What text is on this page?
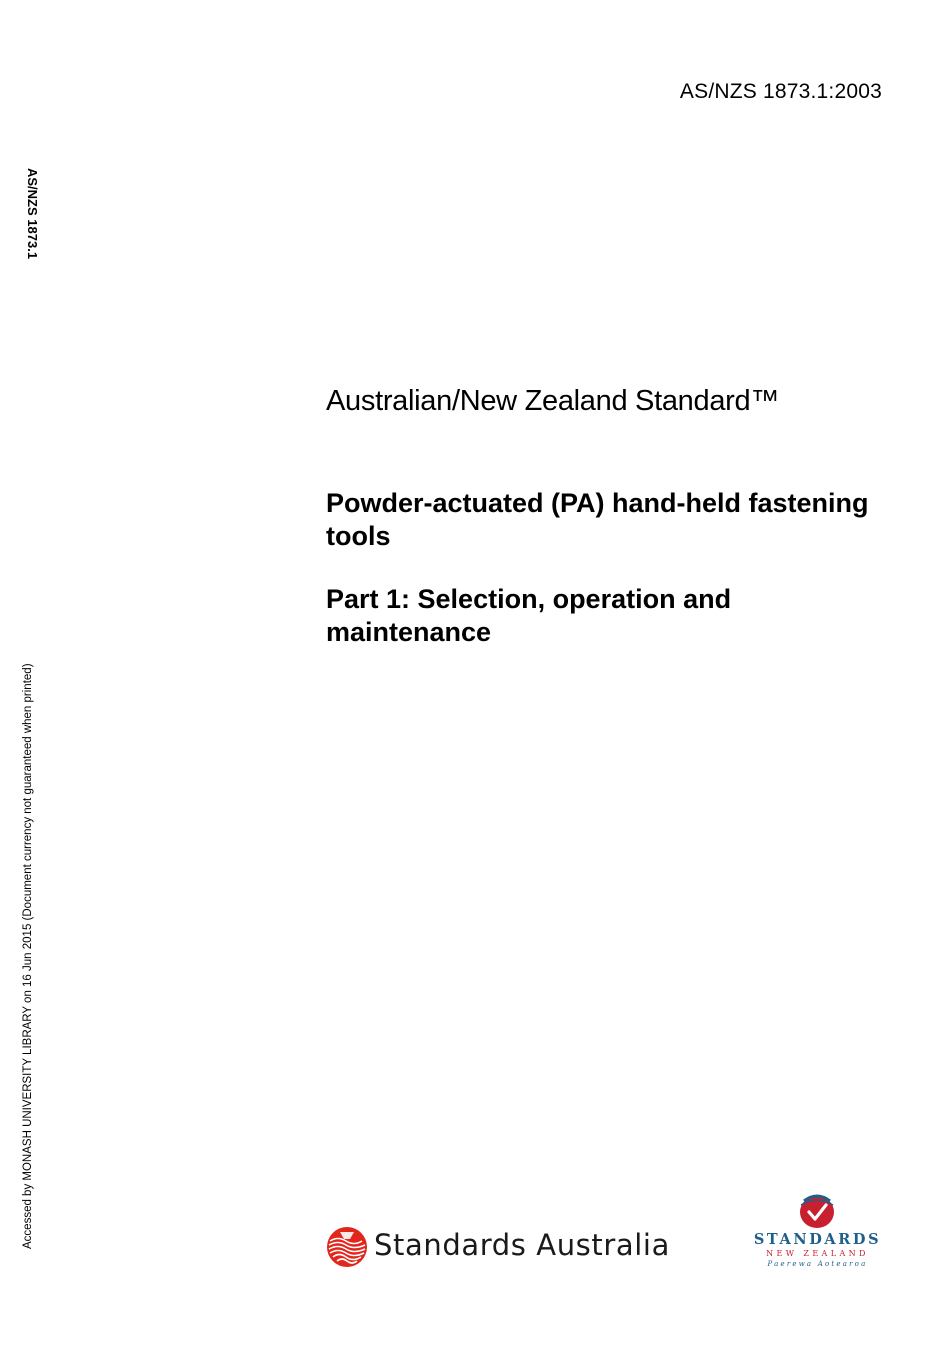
AS/NZS 1873.1:2003
AS/NZS 1873.1
Accessed by MONASH UNIVERSITY LIBRARY on 16 Jun 2015 (Document currency not guaranteed when printed)
Australian/New Zealand Standard™
Powder-actuated (PA) hand-held fastening tools
Part 1: Selection, operation and maintenance
Standards Australia	STANDARDS
NEW ZEALAND
Paerewa Aotearoa
